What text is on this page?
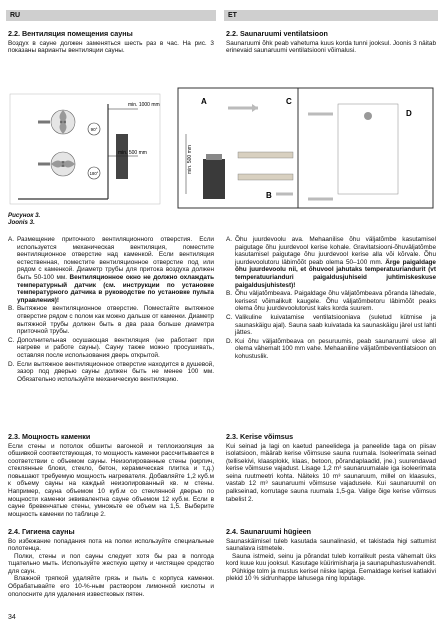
RU	ET
2.2. Вентиляция помещения сауны

Воздух в сауне должен заменяться шесть раз в час. На рис. 3 показаны варианты вентиляции сауны.

2.2. Saunaruumi ventilatsioon

Saunaruumi õhk peab vahetuma kuus korda tunni jooksul. Joonis 3 näitab erinevaid saunaruumi ventilatsiooni võimalusi.

90°
180°
min. 1000 mm
min. 500 mm	min. 500 mm
A
B
C
D
Рисунок 3.
Joonis 3.
A. Размещение приточного вентиляционного отверстия. Если используется механическая вентиляция, поместите вентиляционное отверстие над каменкой. Если вентиляция естественная, поместите вентиляционное отверстие под или рядом с каменкой. Диаметр трубы для притока воздуха должен быть 50-100 мм. Вентиляционное окно не должно охлаждать температурный датчик (см. инструкции по установке температурного датчика в руководстве по установке пульта управления)!
B. Вытяжное вентиляционное отверстие. Поместайте вытяжное отверстие рядом с полом как можно дальше от каменки. Диаметр вытяжной трубы должен быть в два раза больше диаметра приточной трубы.
C. Дополнительная осушающая вентиляция (не работает при нагреве и работе сауны). Сауну также можно просушивать, оставляя после использования дверь открытой.
D. Если вытяжное вентиляционное отверстие находится в душевой, зазор под дверью сауны должен быть не менее 100 мм. Обязательно используйте механическую вентиляцию.
A. Õhu juurdevoolu ava. Mehaanilise õhu väljatõmbe kasutamisel paigutage õhu juurdevool kerise kohale. Gravitatsiooni-õhuväljatõmbe kasutamisel paigutage õhu juurdevool kerise alla või kõrvale. Õhu juurdevoolutoru läbimõõt peab olema 50–100 mm. Ärge paigaldage õhu juurdevoolu nii, et õhuvool jahutaks temperatuuriandurit (vt temperatuurianduri paigaldusjuhiseid juhtimiskeskuse paigaldusjuhistest)!
B. Õhu väljatõmbeava. Paigaldage õhu väljatõmbeava põranda lähedale, kerisest võimalikult kaugele. Õhu väljatõmbetoru läbimõõt peaks olema õhu juurdevoolutorust kaks korda suurem.
C. Valikuline kuivatamise ventilatsiooniava (suletud kütmise ja saunaskäigu ajal). Sauna saab kuivatada ka saunaskäigu järel ust lahti jättes.
D. Kui õhu väljatõmbeava on pesuruumis, peab saunaruumi ukse all olema vähemalt 100 mm vahe. Mehaaniline väljatõmbeventilatsioon on kohustuslik.
2.3. Мощность каменки

Если стены и потолок обшиты вагонкой и теплоизоляция за обшивкой соответствующая, то мощность каменки рассчитывается в соответствии с объемом сауны. Неизолированные стены (кирпич, стеклянные блоки, стекло, бетон, керамическая плитка и т.д.) повышают требуемую мощность нагревателя. Добавляйте 1,2 куб.м к объему сауны на каждый неизолированный кв. м стены. Например, сауна объемом 10 куб.м со стеклянной дверью по мощности каменки эквивалентна сауне объемом 12 куб.м. Если в сауне бревенчатые стены, умножьте ее объем на 1,5. Выберите мощность каменки по таблице 2.

2.3. Kerise võimsus

Kui seinad ja lagi on kaetud paneelidega ja paneelide taga on piisav isolatsioon, määrab kerise võimsuse sauna ruumala. Isoleerimata seinad (tellisekivi, klaasplokk, klaas, betoon, põrandaplaadid, jne.) suurendavad kerise võimsuse vajadust. Lisage 1,2 m³ saunaruumalale iga isoleerimata seina ruutmeetri kohta. Näiteks 10 m³ saunaruum, millel on klaasuks, vastab 12 m³ saunaruumi võimsuse vajadusele. Kui saunaruumil on palkseinad, korrutage sauna ruumala 1,5-ga. Valige õige kerise võimsus tabelist 2.

2.4. Гигиена сауны

Во избежание попадания пота на полки используйте специальные полотенца.

Полки, стены и пол сауны следует хотя бы раз в полгода тщательно мыть. Используйте жесткую щетку и чистящее средство для саун.

Влажной тряпкой удаляйте грязь и пыль с корпуса каменки. Обрабатывайте его 10-%-ным раствором лимонной кислоты и ополосните для удаления известковых пятен.

2.4. Saunaruumi hügieen

Saunaskäimisel tuleb kasutada saunalinasid, et takistada higi sattumist saunalava istmetele.

Sauna istmeid, seinu ja põrandat tuleb korralikult pesta vähemalt üks kord kuue kuu jooksul. Kasutage küürimisharja ja saunapuhastusvahendit.

Pühkige tolm ja mustus kerisel niiske lapiga. Eemaldage kerisel katlakivi plekid 10 % sidrunhappe lahusega ning loputage.

34
